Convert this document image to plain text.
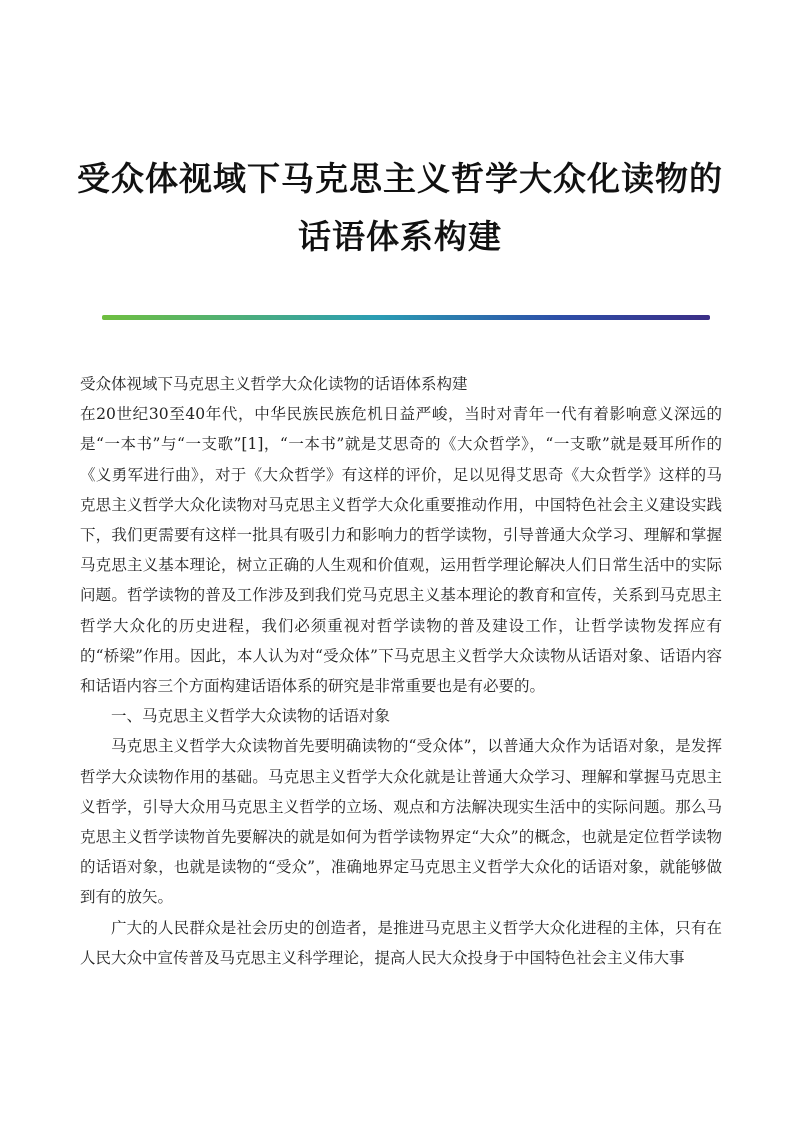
受众体视域下马克思主义哲学大众化读物的
话语体系构建

受众体视域下马克思主义哲学大众化读物的话语体系构建

在20世纪30至40年代，中华民族民族危机日益严峻，当时对青年一代有着影响意义深远的是“一本书”与“一支歌”[1]，“一本书”就是艾思奇的《大众哲学》，“一支歌”就是聂耳所作的《义勇军进行曲》，对于《大众哲学》有这样的评价，足以见得艾思奇《大众哲学》这样的马克思主义哲学大众化读物对马克思主义哲学大众化重要推动作用，中国特色社会主义建设实践下，我们更需要有这样一批具有吸引力和影响力的哲学读物，引导普通大众学习、理解和掌握马克思主义基本理论，树立正确的人生观和价值观，运用哲学理论解决人们日常生活中的实际问题。哲学读物的普及工作涉及到我们党马克思主义基本理论的教育和宣传，关系到马克思主哲学大众化的历史进程，我们必须重视对哲学读物的普及建设工作，让哲学读物发挥应有的“桥梁”作用。因此，本人认为对“受众体”下马克思主义哲学大众读物从话语对象、话语内容和话语内容三个方面构建话语体系的研究是非常重要也是有必要的。

一、马克思主义哲学大众读物的话语对象

马克思主义哲学大众读物首先要明确读物的“受众体”，以普通大众作为话语对象，是发挥哲学大众读物作用的基础。马克思主义哲学大众化就是让普通大众学习、理解和掌握马克思主义哲学，引导大众用马克思主义哲学的立场、观点和方法解决现实生活中的实际问题。那么马克思主义哲学读物首先要解决的就是如何为哲学读物界定“大众”的概念，也就是定位哲学读物的话语对象，也就是读物的“受众”，准确地界定马克思主义哲学大众化的话语对象，就能够做到有的放矢。

广大的人民群众是社会历史的创造者，是推进马克思主义哲学大众化进程的主体，只有在人民大众中宣传普及马克思主义科学理论，提高人民大众投身于中国特色社会主义伟大事
